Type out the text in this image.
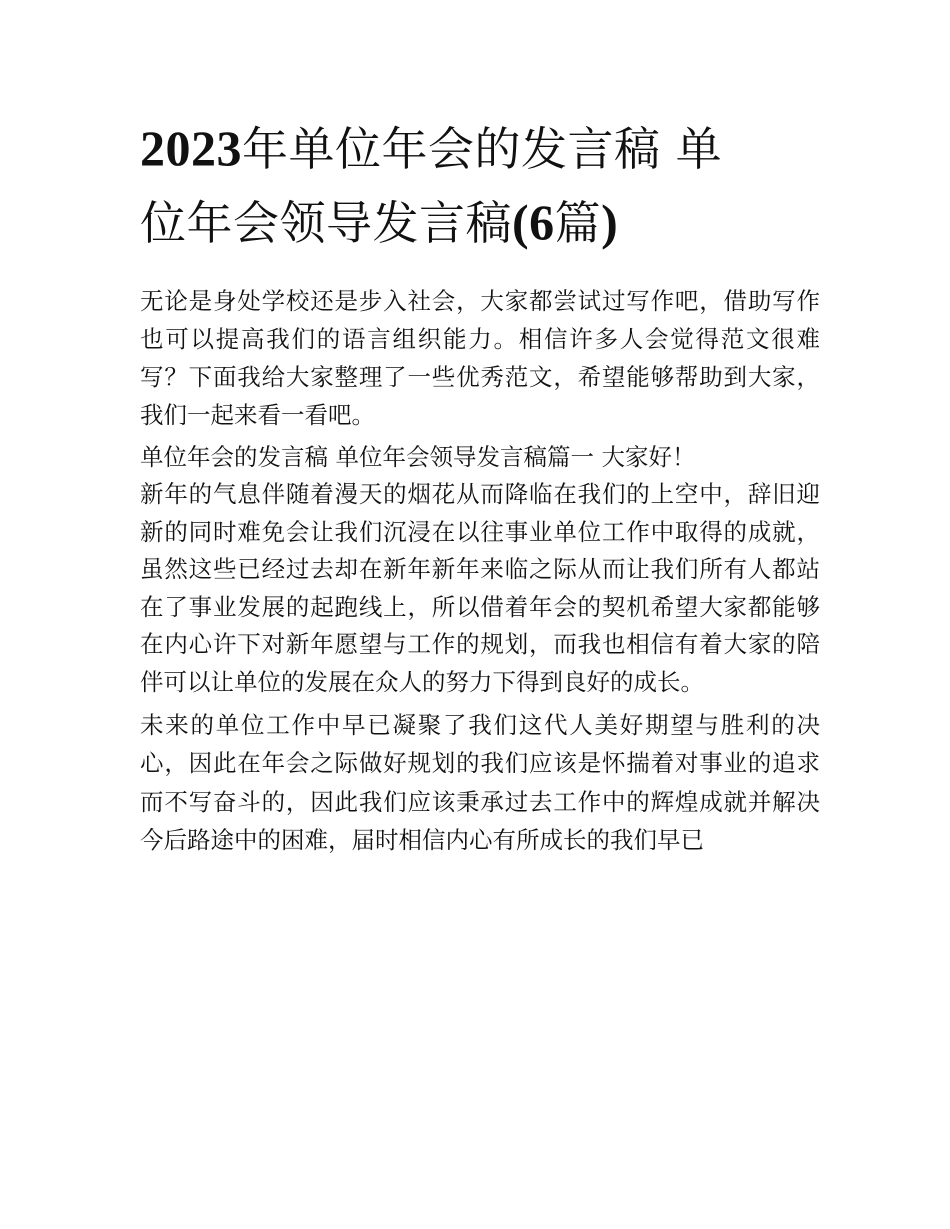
2023年单位年会的发言稿 单
位年会领导发言稿(6篇)

无论是身处学校还是步入社会，大家都尝试过写作吧，借助写作也可以提高我们的语言组织能力。相信许多人会觉得范文很难写？下面我给大家整理了一些优秀范文，希望能够帮助到大家，我们一起来看一看吧。

单位年会的发言稿 单位年会领导发言稿篇一 大家好！

新年的气息伴随着漫天的烟花从而降临在我们的上空中，辞旧迎新的同时难免会让我们沉浸在以往事业单位工作中取得的成就，虽然这些已经过去却在新年新年来临之际从而让我们所有人都站在了事业发展的起跑线上，所以借着年会的契机希望大家都能够在内心许下对新年愿望与工作的规划，而我也相信有着大家的陪伴可以让单位的发展在众人的努力下得到良好的成长。

未来的单位工作中早已凝聚了我们这代人美好期望与胜利的决心，因此在年会之际做好规划的我们应该是怀揣着对事业的追求而不写奋斗的，因此我们应该秉承过去工作中的辉煌成就并解决今后路途中的困难，届时相信内心有所成长的我们早已
